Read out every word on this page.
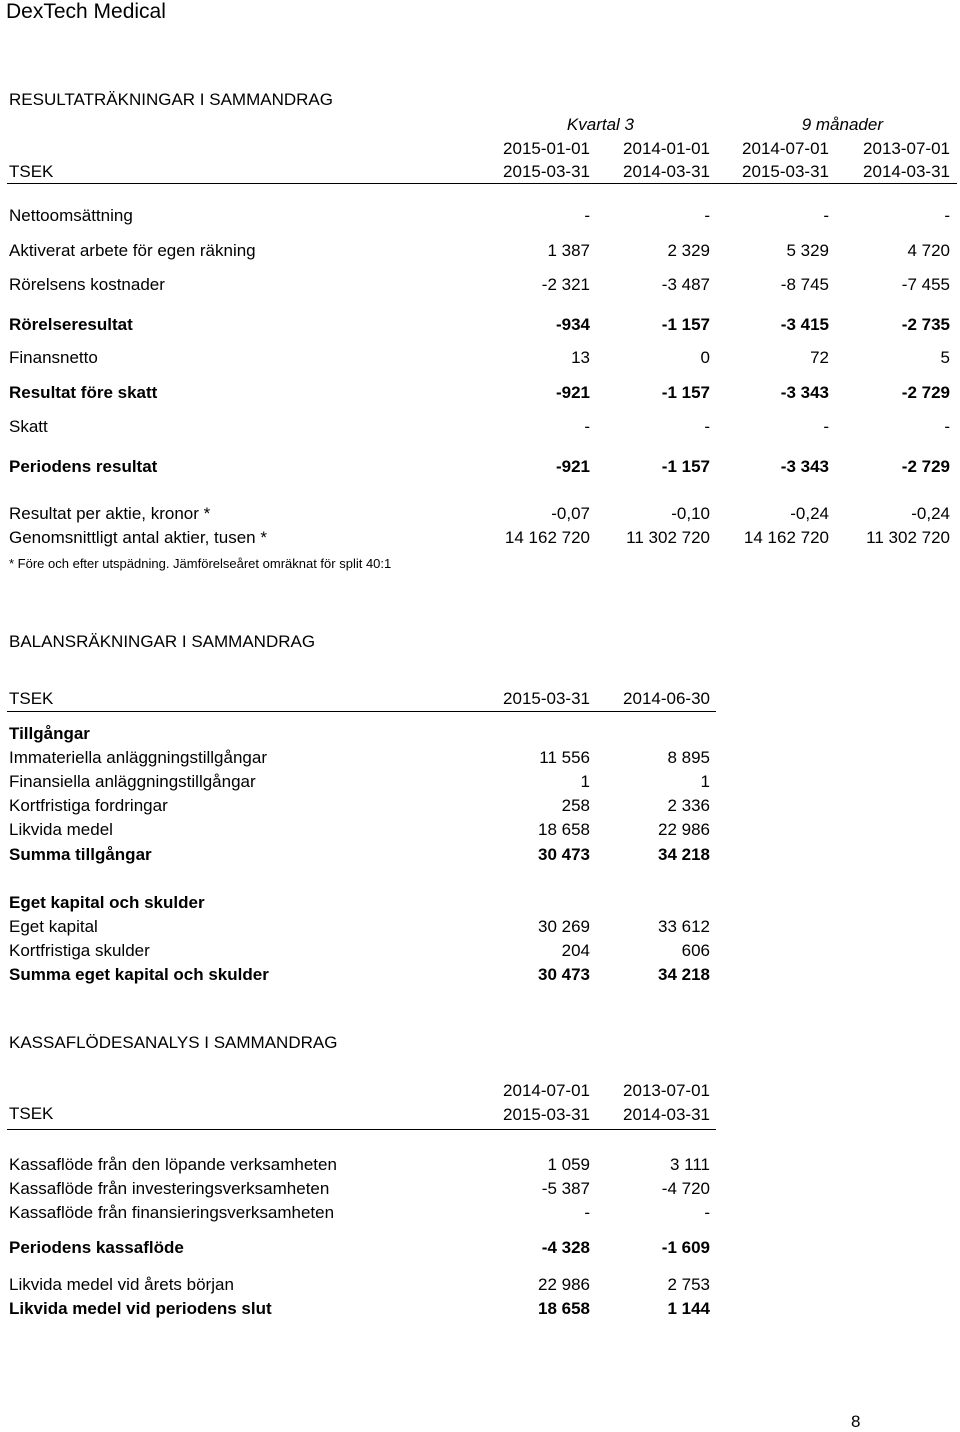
DexTech Medical
RESULTATRÄKNINGAR I SAMMANDRAG
Kvartal 3	9 månader
TSEK
2015-01-01	2014-01-01	2014-07-01	2013-07-01
2015-03-31	2014-03-31	2015-03-31	2014-03-31
Nettoomsättning	-	-	-	-
Aktiverat arbete för egen räkning	1 387	2 329	5 329	4 720
Rörelsens kostnader	-2 321	-3 487	-8 745	-7 455
Rörelseresultat	-934	-1 157	-3 415	-2 735
Finansnetto	13	0	72	5
Resultat före skatt	-921	-1 157	-3 343	-2 729
Skatt	-	-	-	-
Periodens resultat	-921	-1 157	-3 343	-2 729
Resultat per aktie, kronor *	-0,07	-0,10	-0,24	-0,24
Genomsnittligt antal aktier, tusen *	14 162 720	11 302 720	14 162 720	11 302 720
* Före och efter utspädning. Jämförelseåret omräknat för split 40:1
BALANSRÄKNINGAR I SAMMANDRAG
TSEK	2015-03-31	2014-06-30
Tillgångar
Immateriella anläggningstillgångar	11 556	8 895
Finansiella anläggningstillgångar	1	1
Kortfristiga fordringar	258	2 336
Likvida medel	18 658	22 986
Summa tillgångar	30 473	34 218
Eget kapital och skulder
Eget kapital	30 269	33 612
Kortfristiga skulder	204	606
Summa eget kapital och skulder	30 473	34 218
KASSAFLÖDESANALYS I SAMMANDRAG
TSEK
2014-07-01	2013-07-01
2015-03-31	2014-03-31
Kassaflöde från den löpande verksamheten	1 059	3 111
Kassaflöde från investeringsverksamheten	-5 387	-4 720
Kassaflöde från finansieringsverksamheten	-	-
Periodens kassaflöde	-4 328	-1 609
Likvida medel vid årets början	22 986	2 753
Likvida medel vid periodens slut	18 658	1 144
8
